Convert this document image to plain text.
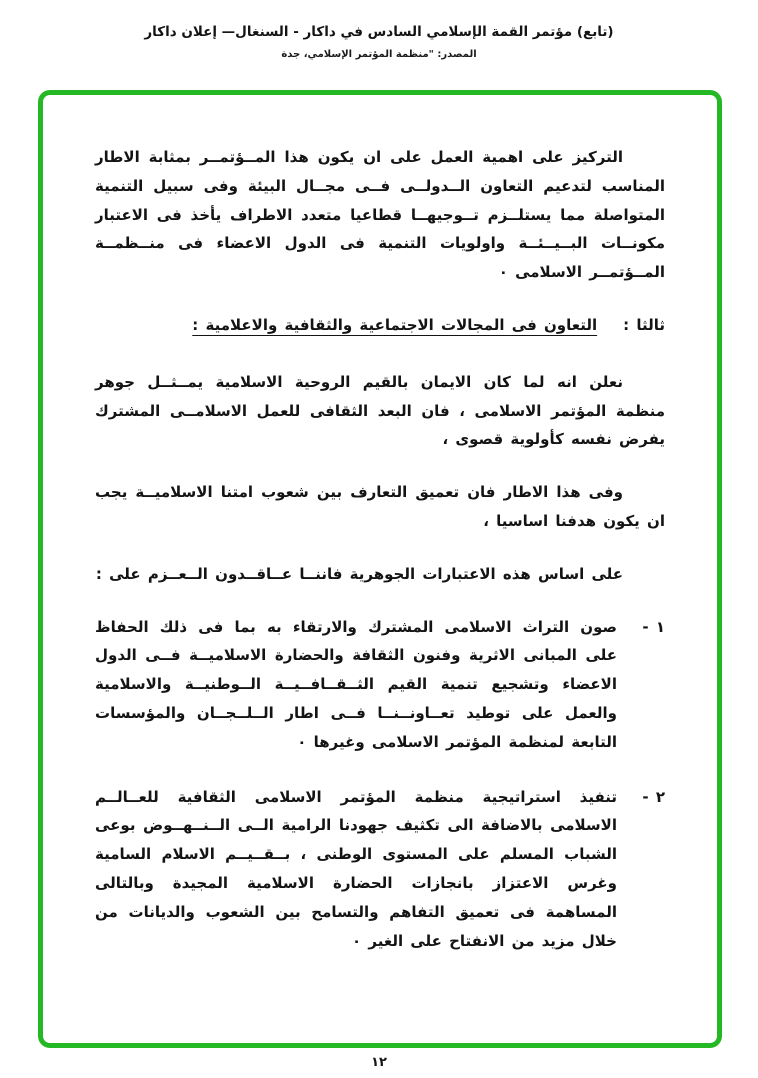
(تابع) مؤتمر القمة الإسلامي السادس في داكار - السنغال— إعلان داكار
المصدر: "منظمة المؤتمر الإسلامي، جدة

التركيز على اهمية العمل على ان يكون هذا المــؤتمــر بمثابة الاطار المناسب لتدعيم التعاون الــدولــى فــى مجــال البيئة وفى سبيل التنمية المتواصلة مما يستلــزم تــوجيهــا قطاعيا متعدد الاطراف يأخذ فى الاعتبار مكونــات البــيــئــة واولويات التنمية فى الدول الاعضاء فى منــظمــة المــؤتمــر الاسلامى ٠

ثالثا :
التعاون فى المجالات الاجتماعية والثقافية والاعلامية :

نعلن انه لما كان الايمان بالقيم الروحية الاسلامية يمــثــل جوهر منظمة المؤتمر الاسلامى ، فان البعد الثقافى للعمل الاسلامــى المشترك يفرض نفسه كأولوية قصوى ،

وفى هذا الاطار فان تعميق التعارف بين شعوب امتنا الاسلاميــة يجب ان يكون هدفنا اساسيا ،

على اساس هذه الاعتبارات الجوهرية فاننــا عــاقــدون الــعــزم على :

١ -
صون التراث الاسلامى المشترك والارتقاء به بما فى ذلك الحفاظ على المبانى الاثرية وفنون الثقافة والحضارة الاسلاميــة فــى الدول الاعضاء وتشجيع تنمية القيم الثــقــافــيــة الــوطنيــة والاسلامية والعمل على توطيد تعــاونــنــا فــى اطار الــلــجــان والمؤسسات التابعة لمنظمة المؤتمر الاسلامى وغيرها ٠
٢ -
تنفيذ استراتيجية منظمة المؤتمر الاسلامى الثقافية للعــالــم الاسلامى بالاضافة الى تكثيف جهودنا الرامية الــى الــنــهــوض بوعى الشباب المسلم على المستوى الوطنى ، بــقــيــم الاسلام السامية وغرس الاعتزاز بانجازات الحضارة الاسلامية المجيدة وبالتالى المساهمة فى تعميق التفاهم والتسامح بين الشعوب والديانات من خلال مزيد من الانفتاح على الغير ٠
١٢
